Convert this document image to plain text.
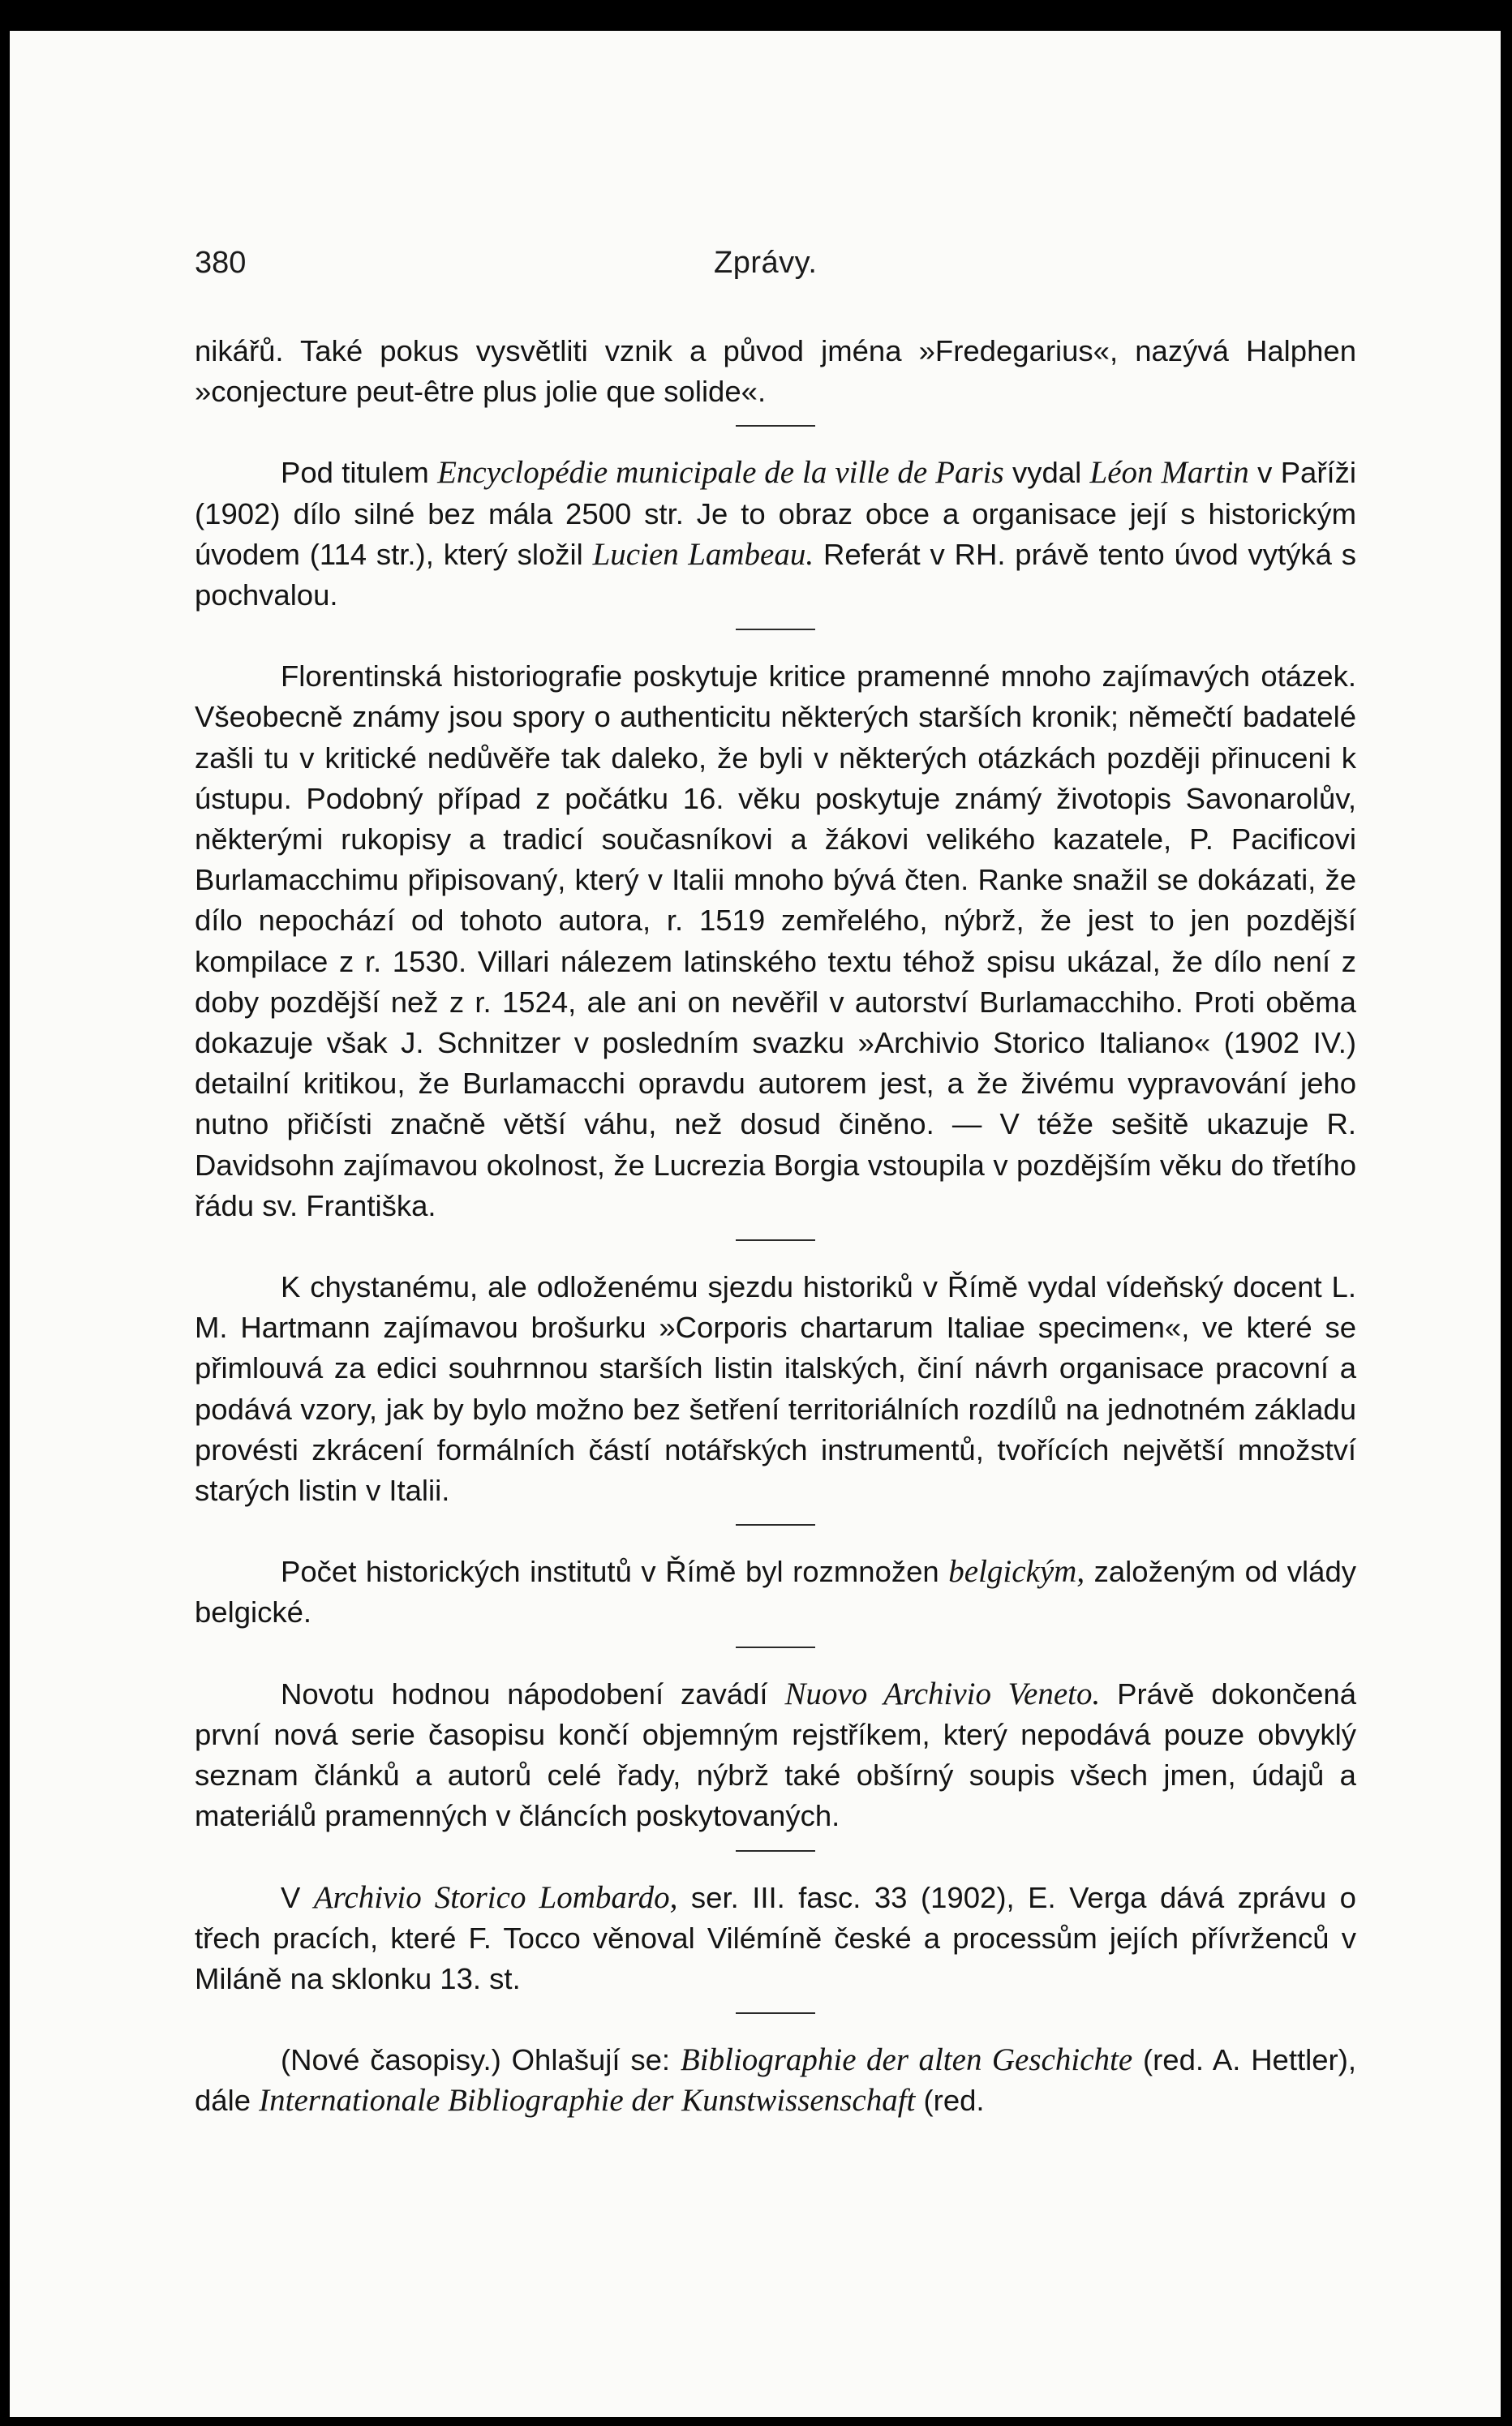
380	Zprávy.

nikářů. Také pokus vysvětliti vznik a původ jména »Fredegarius«, nazývá Halphen »conjecture peut-être plus jolie que solide«.

Pod titulem Encyclopédie municipale de la ville de Paris vydal Léon Martin v Paříži (1902) dílo silné bez mála 2500 str. Je to obraz obce a organisace její s historickým úvodem (114 str.), který složil Lucien Lambeau. Referát v RH. právě tento úvod vytýká s pochvalou.

Florentinská historiografie poskytuje kritice pramenné mnoho zajímavých otázek. Všeobecně známy jsou spory o authenticitu některých starších kronik; němečtí badatelé zašli tu v kritické nedůvěře tak daleko, že byli v některých otázkách později přinuceni k ústupu. Podobný případ z počátku 16. věku poskytuje známý životopis Savonarolův, některými rukopisy a tradicí současníkovi a žákovi velikého kazatele, P. Pacificovi Burlamacchimu připisovaný, který v Italii mnoho bývá čten. Ranke snažil se dokázati, že dílo nepochází od tohoto autora, r. 1519 zemřelého, nýbrž, že jest to jen pozdější kompilace z r. 1530. Villari nálezem latinského textu téhož spisu ukázal, že dílo není z doby pozdější než z r. 1524, ale ani on nevěřil v autorství Burlamacchiho. Proti oběma dokazuje však J. Schnitzer v posledním svazku »Archivio Storico Italiano« (1902 IV.) detailní kritikou, že Burlamacchi opravdu autorem jest, a že živému vypravování jeho nutno přičísti značně větší váhu, než dosud činěno. — V téže sešitě ukazuje R. Davidsohn zajímavou okolnost, že Lucrezia Borgia vstoupila v pozdějším věku do třetího řádu sv. Františka.

K chystanému, ale odloženému sjezdu historiků v Římě vydal vídeňský docent L. M. Hartmann zajímavou brošurku »Corporis chartarum Italiae specimen«, ve které se přimlouvá za edici souhrnnou starších listin italských, činí návrh organisace pracovní a podává vzory, jak by bylo možno bez šetření territoriálních rozdílů na jednotném základu provésti zkrácení formálních částí notářských instrumentů, tvořících největší množství starých listin v Italii.

Počet historických institutů v Římě byl rozmnožen belgickým, založeným od vlády belgické.

Novotu hodnou nápodobení zavádí Nuovo Archivio Veneto. Právě dokončená první nová serie časopisu končí objemným rejstříkem, který nepodává pouze obvyklý seznam článků a autorů celé řady, nýbrž také obšírný soupis všech jmen, údajů a materiálů pramenných v článcích poskytovaných.

V Archivio Storico Lombardo, ser. III. fasc. 33 (1902), E. Verga dává zprávu o třech pracích, které F. Tocco věnoval Vilémíně české a processům jejích přívrženců v Miláně na sklonku 13. st.

(Nové časopisy.) Ohlašují se: Bibliographie der alten Geschichte (red. A. Hettler), dále Internationale Bibliographie der Kunstwissenschaft (red.
